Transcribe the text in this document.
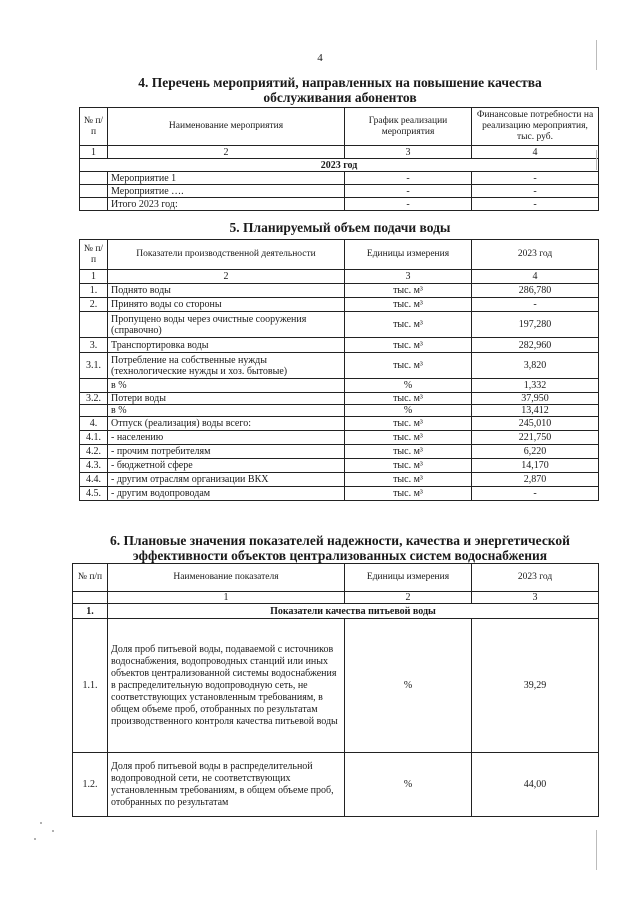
4
4. Перечень мероприятий, направленных на повышение качества
обслуживания абонентов
№ п/п	Наименование мероприятия	График реализации мероприятия	Финансовые потребности на реализацию мероприятия, тыс. руб.
1	2	3	4
2023 год			
	Мероприятие 1	-	-
	Мероприятие ….	-	-
	Итого 2023 год:	-	-
5. Планируемый объем подачи воды
№ п/п	Показатели производственной деятельности	Единицы измерения	2023 год
1	2	3	4
1.	Поднято воды	тыс. м³	286,780
2.	Принято воды со стороны	тыс. м³	-
	Пропущено воды через очистные сооружения (справочно)	тыс. м³	197,280
3.	Транспортировка воды	тыс. м³	282,960
3.1.	Потребление на собственные нужды (технологические нужды и хоз. бытовые)	тыс. м³	3,820
	в %	%	1,332
3.2.	Потери воды	тыс. м³	37,950
	в %	%	13,412
4.	Отпуск (реализация) воды всего:	тыс. м³	245,010
4.1.	- населению	тыс. м³	221,750
4.2.	- прочим потребителям	тыс. м³	6,220
4.3.	- бюджетной сфере	тыс. м³	14,170
4.4.	- другим отраслям организации ВКХ	тыс. м³	2,870
4.5.	- другим водопроводам	тыс. м³	-
6. Плановые значения показателей надежности, качества и энергетической
эффективности объектов централизованных систем водоснабжения
№ п/п	Наименование показателя	Единицы измерения	2023 год
	1	2	3
1.	Показатели качества питьевой воды		
1.1.	Доля проб питьевой воды, подаваемой с источников водоснабжения, водопроводных станций или иных объектов централизованной системы водоснабжения в распределительную водопроводную сеть, не соответствующих установленным требованиям, в общем объеме проб, отобранных по результатам производственного контроля качества питьевой воды	%	39,29
1.2.	Доля проб питьевой воды в распределительной водопроводной сети, не соответствующих установленным требованиям, в общем объеме проб, отобранных по результатам	%	44,00
